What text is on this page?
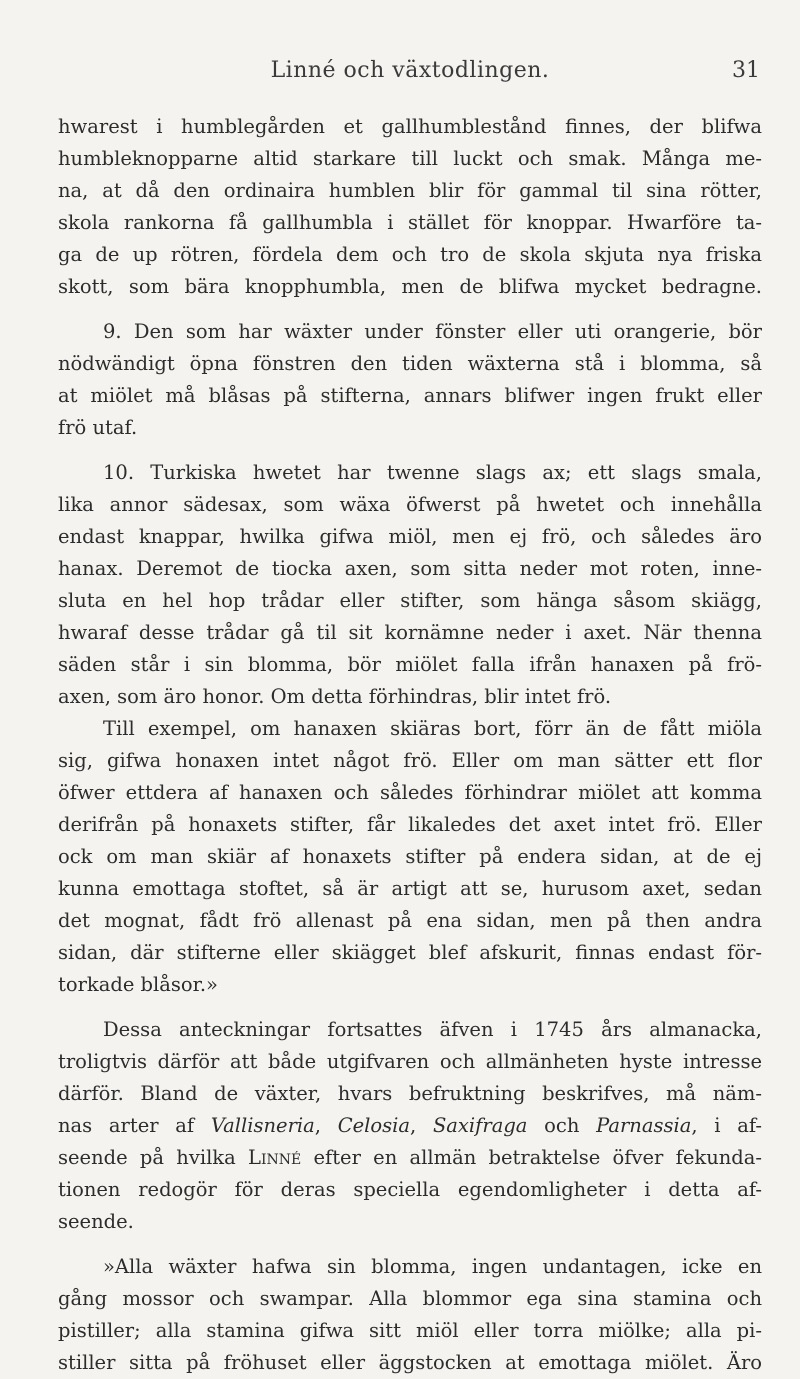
Linné och växtodlingen.	31
hwarest i humblegården et gallhumblestånd finnes, der blifwa
humbleknopparne altid starkare till luckt och smak. Många me-
na, at då den ordinaira humblen blir för gammal til sina rötter,
skola rankorna få gallhumbla i stället för knoppar. Hwarföre ta-
ga de up rötren, fördela dem och tro de skola skjuta nya friska
skott, som bära knopphumbla, men de blifwa mycket bedragne.
9. Den som har wäxter under fönster eller uti orangerie, bör
nödwändigt öpna fönstren den tiden wäxterna stå i blomma, så
at miölet må blåsas på stifterna, annars blifwer ingen frukt eller
frö utaf.
10. Turkiska hwetet har twenne slags ax; ett slags smala,
lika annor sädesax, som wäxa öfwerst på hwetet och innehålla
endast knappar, hwilka gifwa miöl, men ej frö, och således äro
hanax. Deremot de tiocka axen, som sitta neder mot roten, inne-
sluta en hel hop trådar eller stifter, som hänga såsom skiägg,
hwaraf desse trådar gå til sit kornämne neder i axet. När thenna
säden står i sin blomma, bör miölet falla ifrån hanaxen på frö-
axen, som äro honor. Om detta förhindras, blir intet frö.
Till exempel, om hanaxen skiäras bort, förr än de fått miöla
sig, gifwa honaxen intet något frö. Eller om man sätter ett flor
öfwer ettdera af hanaxen och således förhindrar miölet att komma
derifrån på honaxets stifter, får likaledes det axet intet frö. Eller
ock om man skiär af honaxets stifter på endera sidan, at de ej
kunna emottaga stoftet, så är artigt att se, hurusom axet, sedan
det mognat, fådt frö allenast på ena sidan, men på then andra
sidan, där stifterne eller skiägget blef afskurit, finnas endast för-
torkade blåsor.»
Dessa anteckningar fortsattes äfven i 1745 års almanacka,
troligtvis därför att både utgifvaren och allmänheten hyste intresse
därför. Bland de växter, hvars befruktning beskrifves, må näm-
nas arter af Vallisneria, Celosia, Saxifraga och Parnassia, i af-
seende på hvilka Linné efter en allmän betraktelse öfver fekunda-
tionen redogör för deras speciella egendomligheter i detta af-
seende.
»Alla wäxter hafwa sin blomma, ingen undantagen, icke en
gång mossor och swampar. Alla blommor ega sina stamina och
pistiller; alla stamina gifwa sitt miöl eller torra miölke; alla pi-
stiller sitta på fröhuset eller äggstocken at emottaga miölet. Äro
